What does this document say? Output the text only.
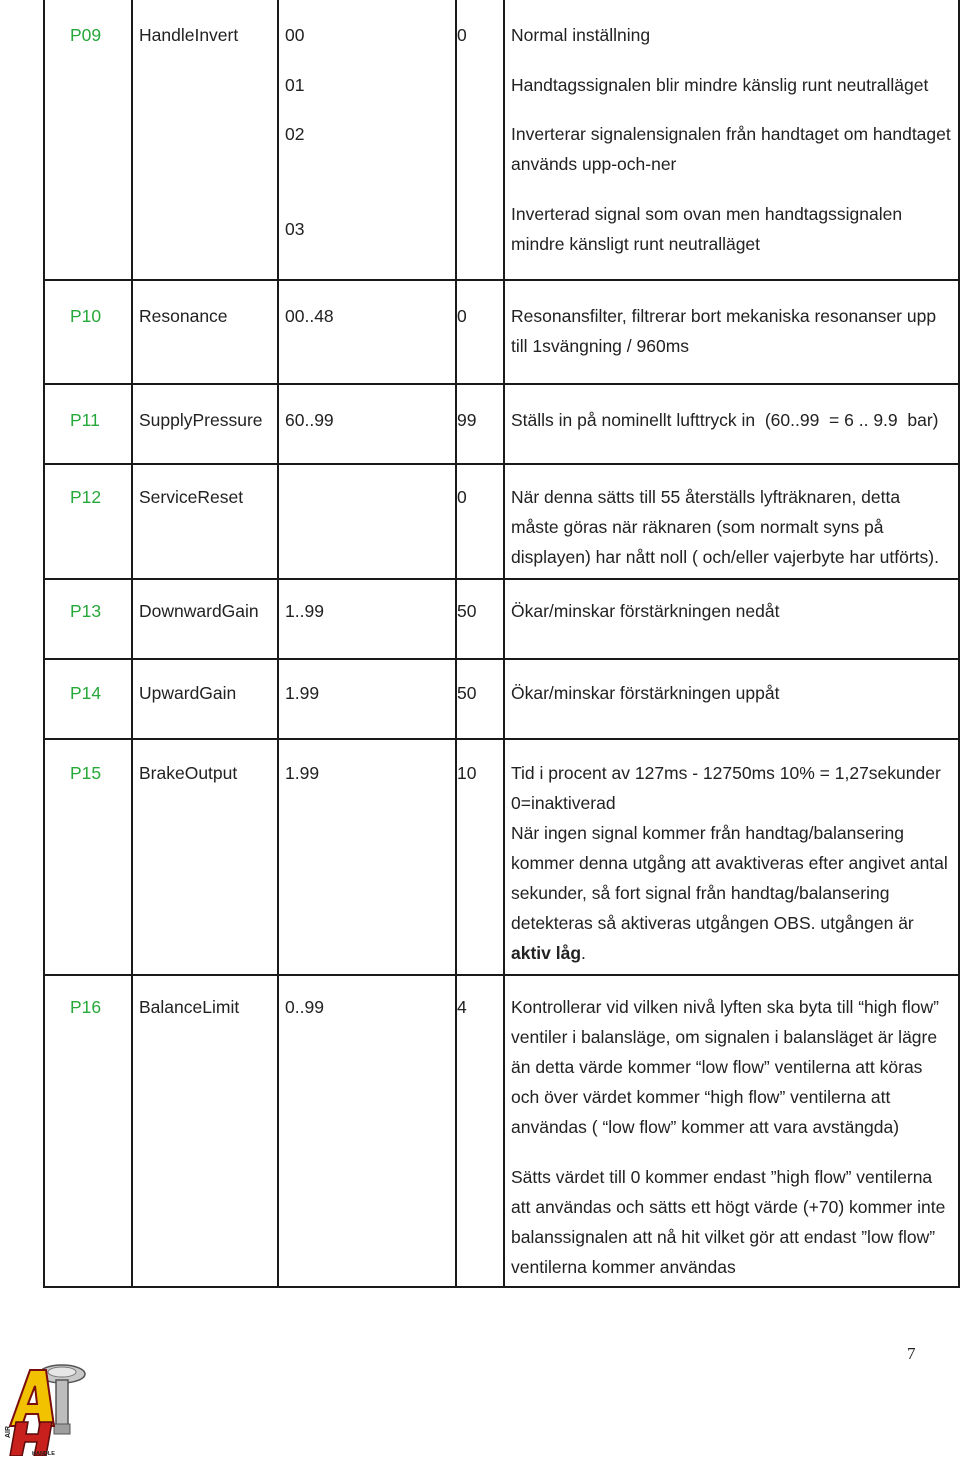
P09	HandleInvert	00	0	Normal inställning
		01		Handtagssignalen blir mindre känslig runt neutralläget
		02		Inverterar signalensignalen från handtaget om handtaget används upp-och-ner
		03		Inverterad signal som ovan men handtagssignalen mindre känsligt runt neutralläget
P10	Resonance	00..48	0	Resonansfilter, filtrerar bort mekaniska resonanser upp till 1svängning / 960ms
P11	SupplyPressure	60..99	99	Ställs in på nominellt lufttryck in  (60..99  = 6 .. 9.9  bar)
P12	ServiceReset		0	När denna sätts till 55 återställs lyfträknaren, detta måste göras när räknaren (som normalt syns på displayen) har nått noll ( och/eller vajerbyte har utförts).
P13	DownwardGain	1..99	50	Ökar/minskar förstärkningen nedåt
P14	UpwardGain	1.99	50	Ökar/minskar förstärkningen uppåt
P15	BrakeOutput	1.99	10	Tid i procent av 127ms - 12750ms 10% = 1,27sekunder
0=inaktiverad
När ingen signal kommer från handtag/balansering kommer denna utgång att avaktiveras efter angivet antal sekunder, så fort signal från handtag/balansering detekteras så aktiveras utgången OBS. utgången är aktiv låg.

P16	BalanceLimit	0..99	4	Kontrollerar vid vilken nivå lyften ska byta till “high flow” ventiler i balansläge, om signalen i balansläget är lägre än detta värde kommer “low flow” ventilerna att köras och över värdet kommer “high flow” ventilerna att användas ( “low flow” kommer att vara avstängda)
Sätts värdet till 0 kommer endast ”high flow” ventilerna att användas och sätts ett högt värde (+70) kommer inte balanssignalen att nå hit vilket gör att endast ”low flow” ventilerna kommer användas
7
AIR
HANDLE
